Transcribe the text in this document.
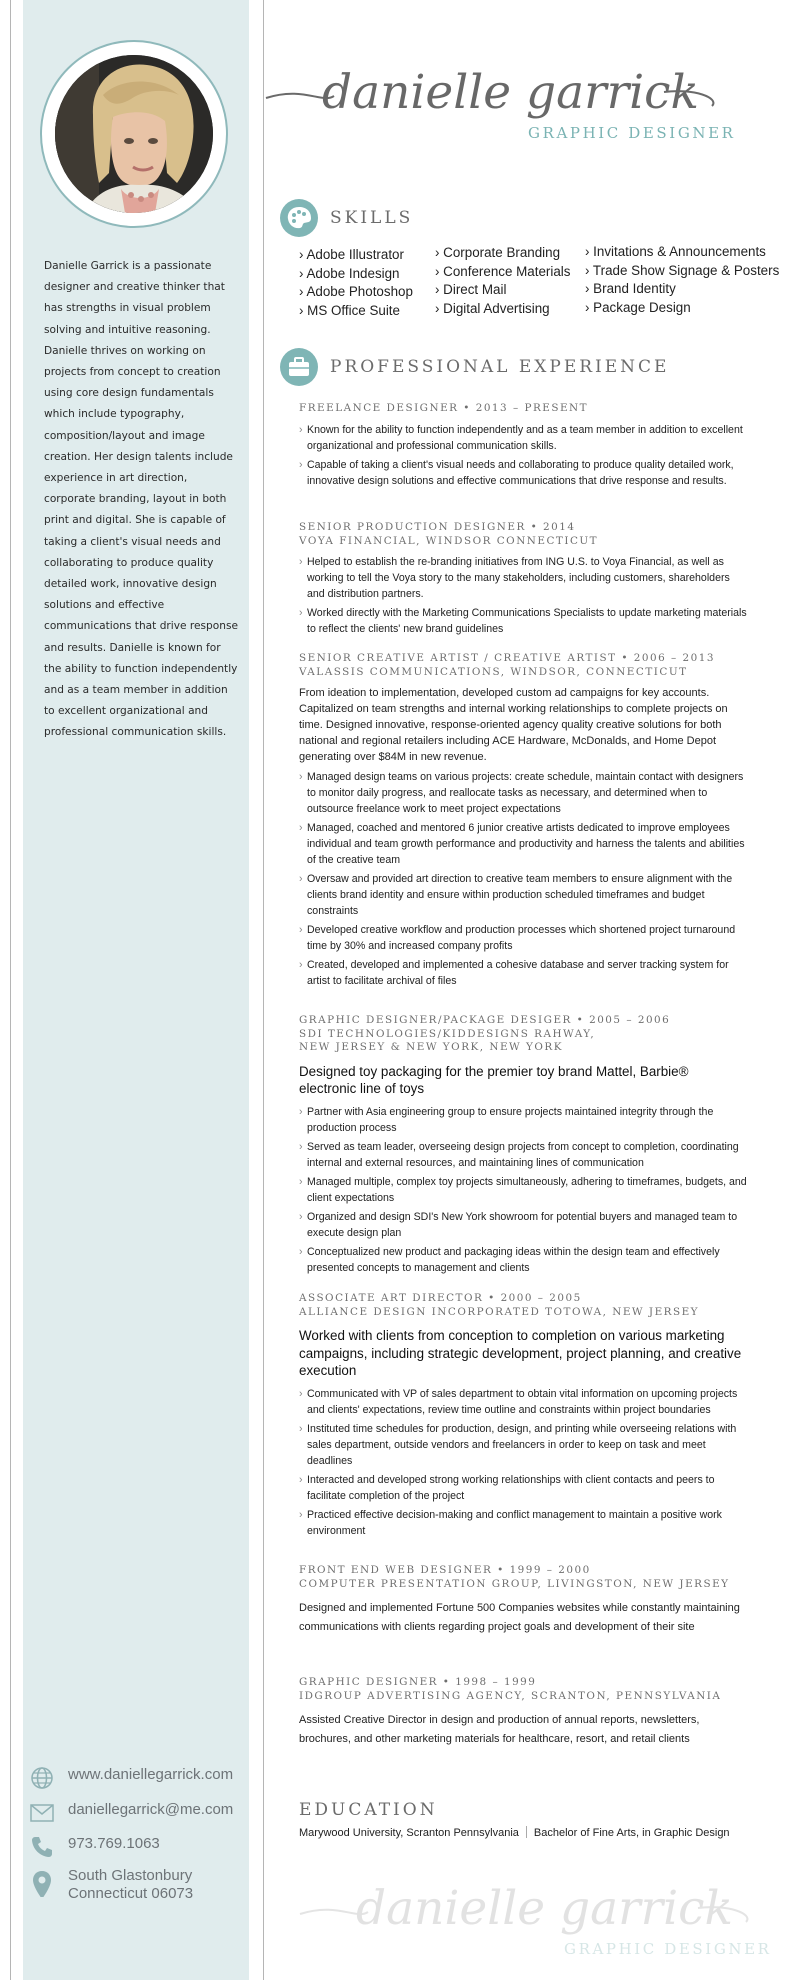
Danielle Garrick is a passionate designer and creative thinker that has strengths in visual problem solving and intuitive reasoning. Danielle thrives on working on projects from concept to creation using core design fundamentals which include typography, composition/layout and image creation. Her design talents include experience in art direction, corporate branding, layout in both print and digital. She is capable of taking a client's visual needs and collaborating to produce quality detailed work, innovative design solutions and effective communications that drive response and results. Danielle is known for the ability to function independently and as a team member in addition to excellent organizational and professional communication skills.
www.daniellegarrick.com
daniellegarrick@me.com
973.769.1063
South Glastonbury
Connecticut 06073
danielle garrick
GRAPHIC DESIGNER
SKILLS
› Adobe Illustrator
› Adobe Indesign
› Adobe Photoshop
› MS Office Suite
› Corporate Branding
› Conference Materials
› Direct Mail
› Digital Advertising
› Invitations & Announcements
› Trade Show Signage & Posters
› Brand Identity
› Package Design
PROFESSIONAL EXPERIENCE
FREELANCE DESIGNER • 2013 – PRESENT
› Known for the ability to function independently and as a team member in addition to excellent organizational and professional communication skills.
› Capable of taking a client's visual needs and collaborating to produce quality detailed work, innovative design solutions and effective communications that drive response and results.
SENIOR PRODUCTION DESIGNER • 2014
VOYA FINANCIAL, WINDSOR CONNECTICUT
› Helped to establish the re-branding initiatives from ING U.S. to Voya Financial, as well as working to tell the Voya story to the many stakeholders, including customers, shareholders and distribution partners.
› Worked directly with the Marketing Communications Specialists to update marketing materials to reflect the clients' new brand guidelines
SENIOR CREATIVE ARTIST / CREATIVE ARTIST • 2006 – 2013
VALASSIS COMMUNICATIONS, WINDSOR, CONNECTICUT
From ideation to implementation, developed custom ad campaigns for key accounts. Capitalized on team strengths and internal working relationships to complete projects on time. Designed innovative, response-oriented agency quality creative solutions for both national and regional retailers including ACE Hardware, McDonalds, and Home Depot generating over $84M in new revenue.
› Managed design teams on various projects: create schedule, maintain contact with designers to monitor daily progress, and reallocate tasks as necessary, and determined when to outsource freelance work to meet project expectations
› Managed, coached and mentored 6 junior creative artists dedicated to improve employees individual and team growth performance and productivity and harness the talents and abilities of the creative team
› Oversaw and provided art direction to creative team members to ensure alignment with the clients brand identity and ensure within production scheduled timeframes and budget constraints
› Developed creative workflow and production processes which shortened project turnaround time by 30% and increased company profits
› Created, developed and implemented a cohesive database and server tracking system for artist to facilitate archival of files
GRAPHIC DESIGNER/PACKAGE DESIGER • 2005 – 2006
SDI TECHNOLOGIES/KIDDESIGNS RAHWAY,
NEW JERSEY & NEW YORK, NEW YORK
Designed toy packaging for the premier toy brand Mattel, Barbie® electronic line of toys
› Partner with Asia engineering group to ensure projects maintained integrity through the production process
› Served as team leader, overseeing design projects from concept to completion, coordinating internal and external resources, and maintaining lines of communication
› Managed multiple, complex toy projects simultaneously, adhering to timeframes, budgets, and client expectations
› Organized and design SDI's New York showroom for potential buyers and managed team to execute design plan
› Conceptualized new product and packaging ideas within the design team and effectively presented concepts to management and clients
ASSOCIATE ART DIRECTOR • 2000 – 2005
ALLIANCE DESIGN INCORPORATED TOTOWA, NEW JERSEY
Worked with clients from conception to completion on various marketing campaigns, including strategic development, project planning, and creative execution
› Communicated with VP of sales department to obtain vital information on upcoming projects and clients' expectations, review time outline and constraints within project boundaries
› Instituted time schedules for production, design, and printing while overseeing relations with sales department, outside vendors and freelancers in order to keep on task and meet deadlines
› Interacted and developed strong working relationships with client contacts and peers to facilitate completion of the project
› Practiced effective decision-making and conflict management to maintain a positive work environment
FRONT END WEB DESIGNER • 1999 – 2000
COMPUTER PRESENTATION GROUP, LIVINGSTON, NEW JERSEY
Designed and implemented Fortune 500 Companies websites while constantly maintaining communications with clients regarding project goals and development of their site
GRAPHIC DESIGNER • 1998 – 1999
IDGROUP ADVERTISING AGENCY, SCRANTON, PENNSYLVANIA
Assisted Creative Director in design and production of annual reports, newsletters, brochures, and other marketing materials for healthcare, resort, and retail clients
EDUCATION
Marywood University, Scranton Pennsylvania Bachelor of Fine Arts, in Graphic Design
danielle garrick
GRAPHIC DESIGNER
